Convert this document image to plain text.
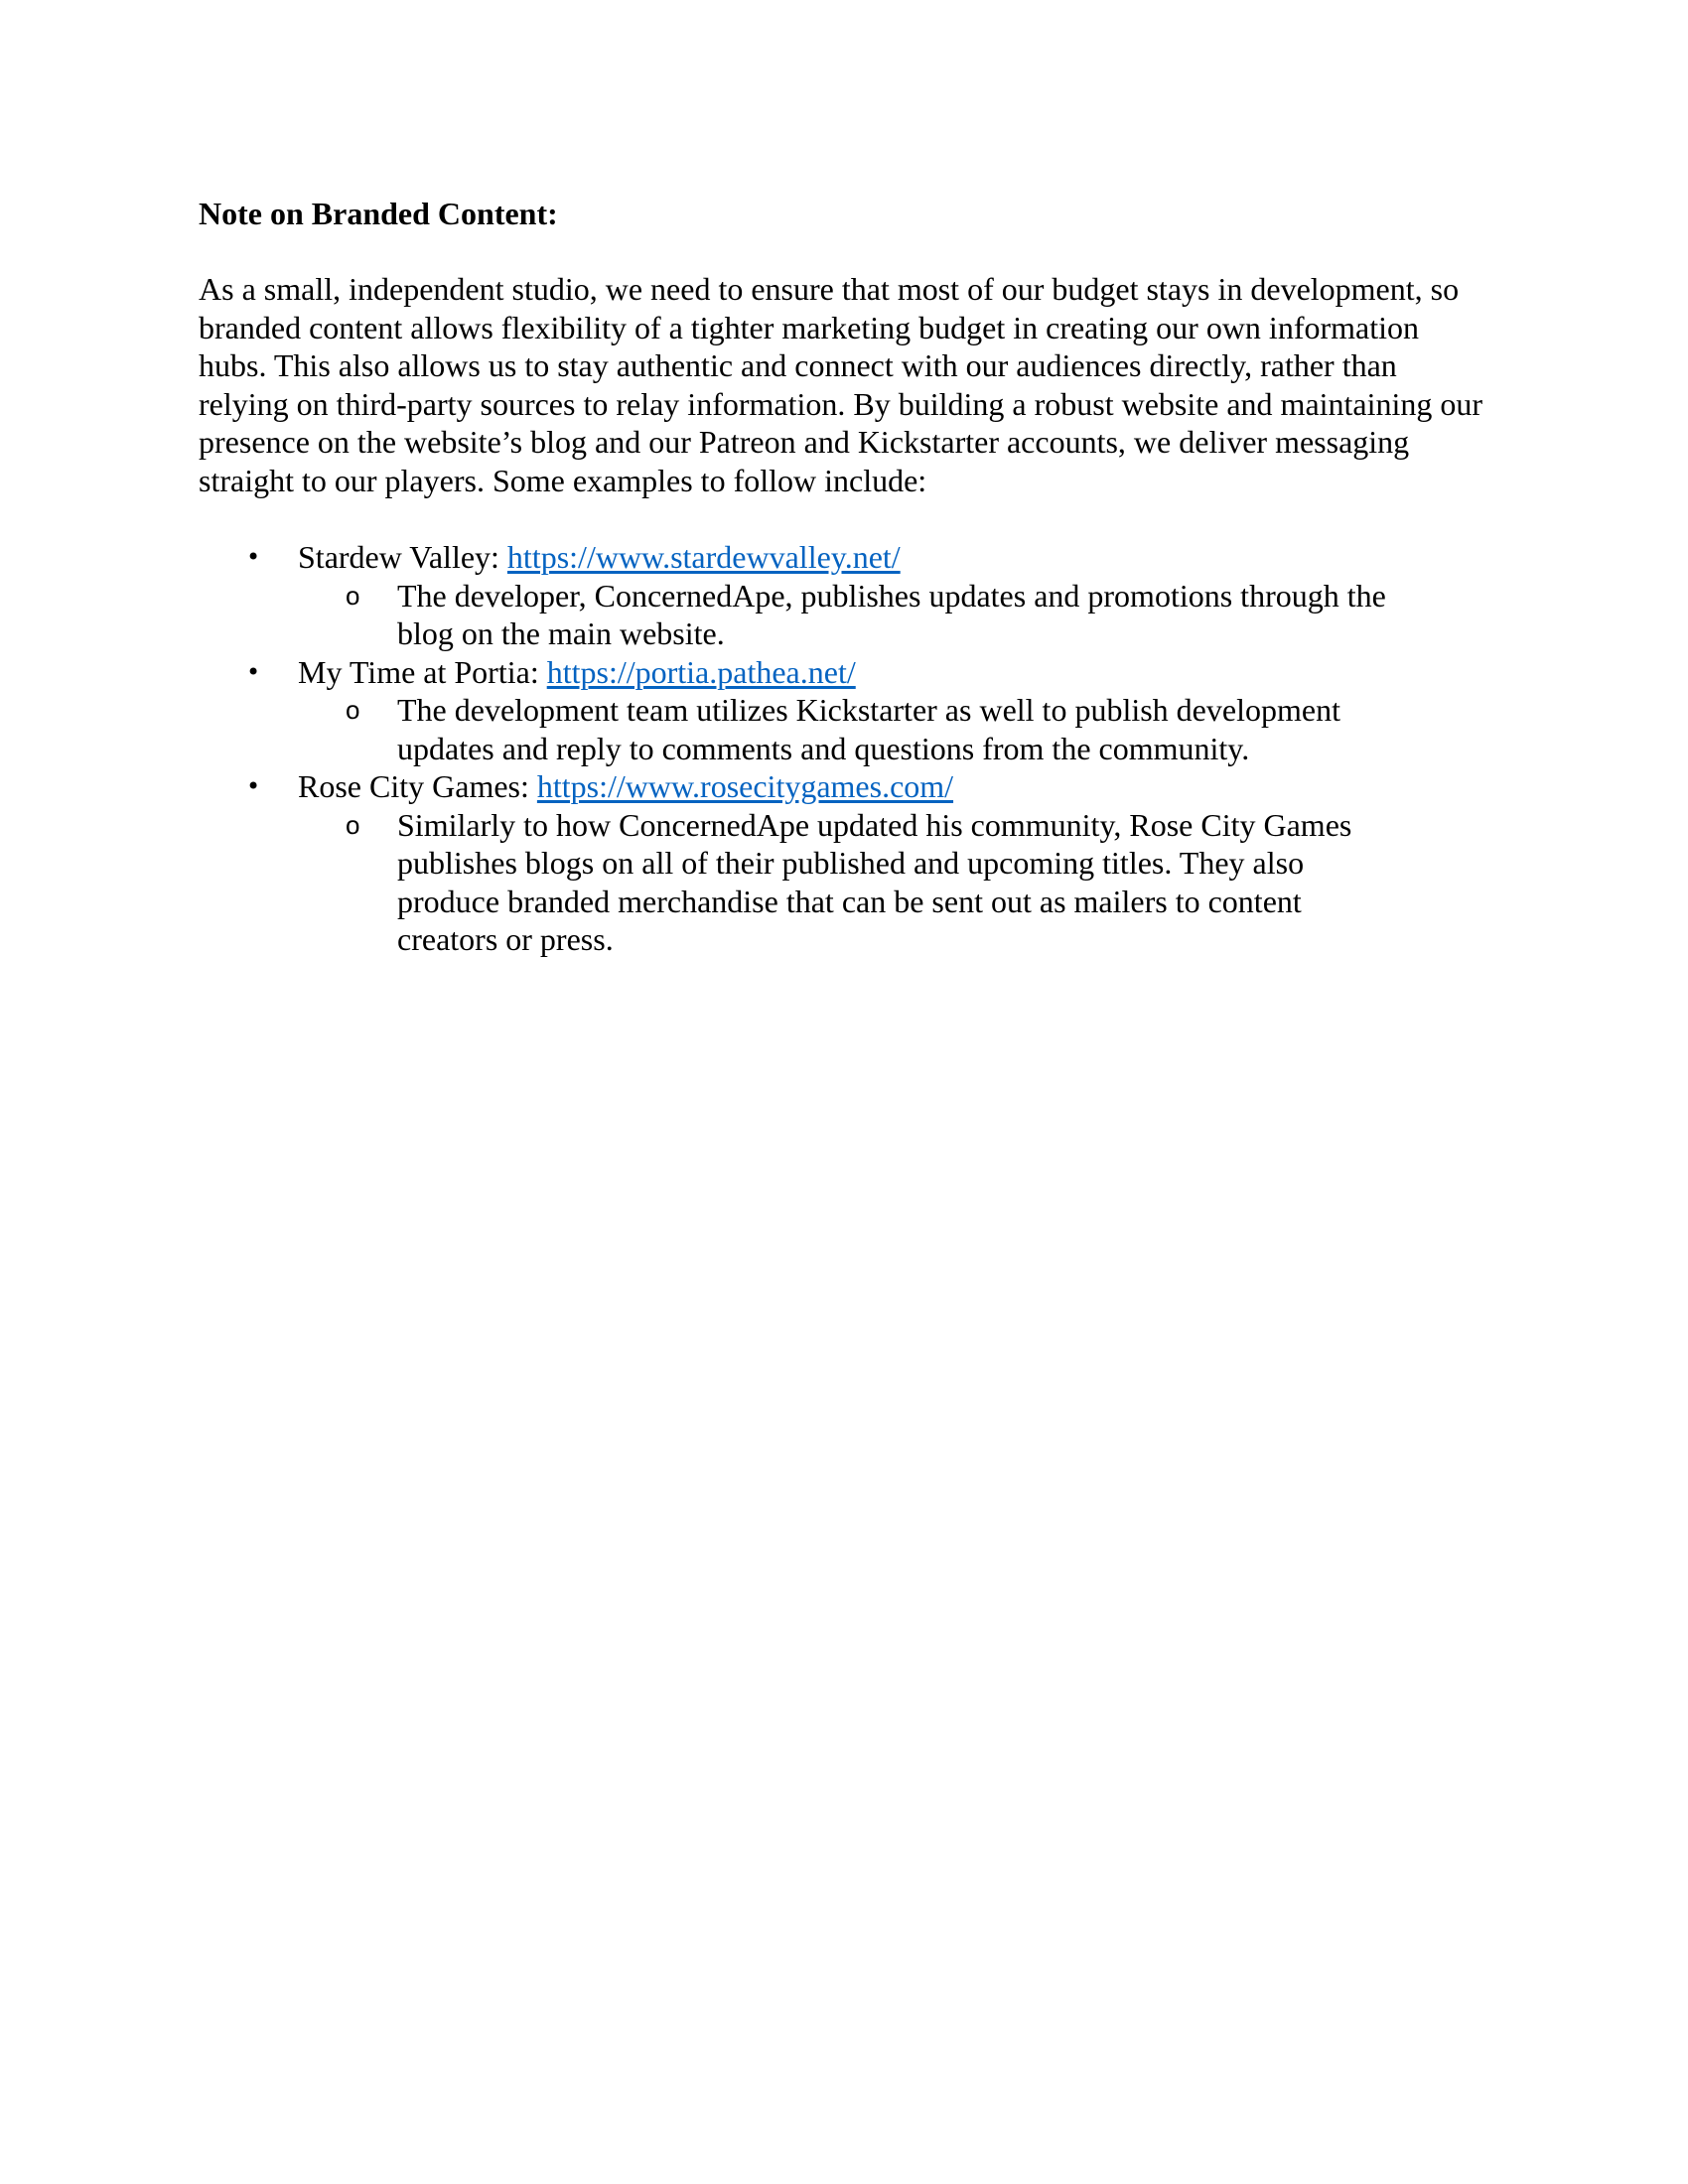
Note on Branded Content:

As a small, independent studio, we need to ensure that most of our budget stays in development, so branded content allows flexibility of a tighter marketing budget in creating our own information hubs. This also allows us to stay authentic and connect with our audiences directly, rather than relying on third-party sources to relay information. By building a robust website and maintaining our presence on the website’s blog and our Patreon and Kickstarter accounts, we deliver messaging straight to our players. Some examples to follow include:

• Stardew Valley: https://www.stardewvalley.net/
o The developer, ConcernedApe, publishes updates and promotions through the blog on the main website.
• My Time at Portia: https://portia.pathea.net/
o The development team utilizes Kickstarter as well to publish development updates and reply to comments and questions from the community.
• Rose City Games: https://www.rosecitygames.com/
o Similarly to how ConcernedApe updated his community, Rose City Games publishes blogs on all of their published and upcoming titles. They also produce branded merchandise that can be sent out as mailers to content creators or press.
